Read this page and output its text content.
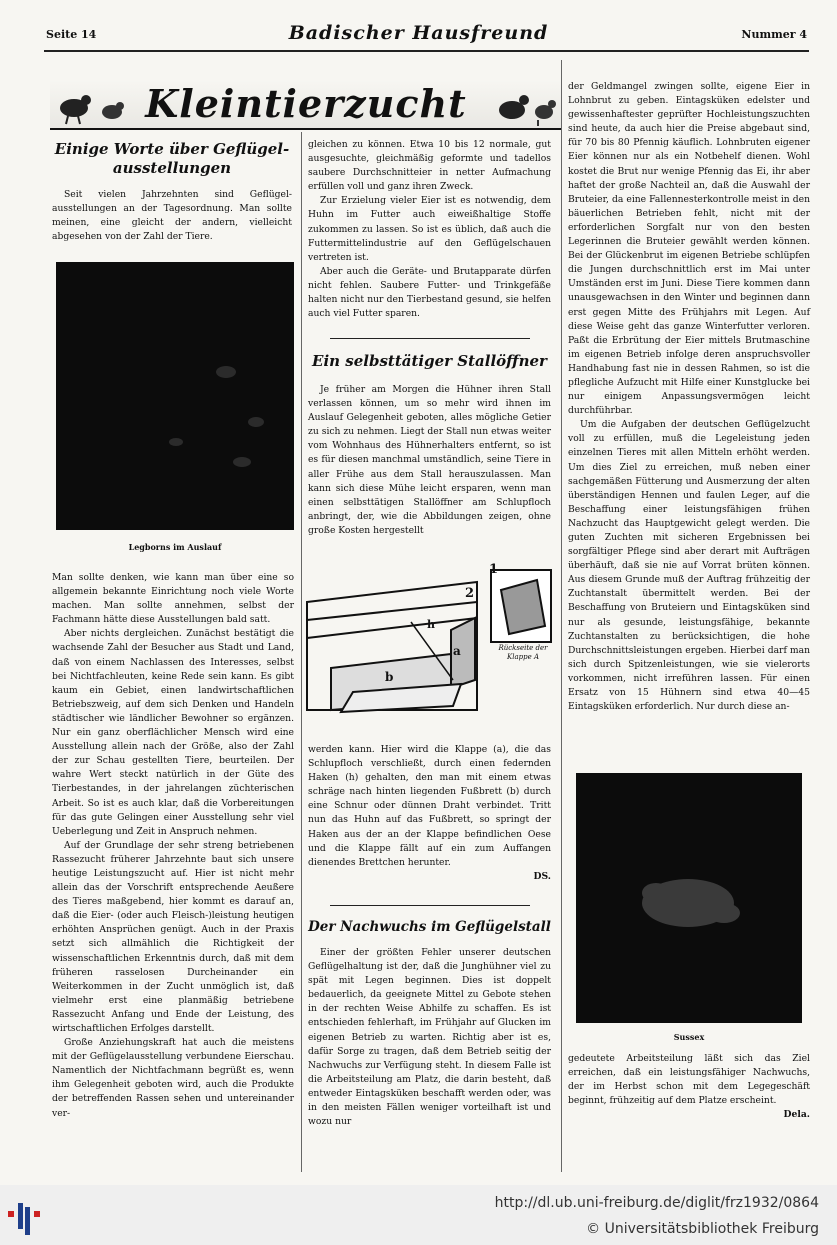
Seite 14	Badischer Hausfreund	Nummer 4
Kleintierzucht
Einige Worte über Geflügel-ausstellungen

Seit vielen Jahrzehnten sind Geflügel-ausstellungen an der Tagesordnung. Man sollte meinen, eine gleicht der andern, vielleicht abgesehen von der Zahl der Tiere.

Legborns im Auslauf

Man sollte denken, wie kann man über eine so allgemein bekannte Einrichtung noch viele Worte machen. Man sollte annehmen, selbst der Fachmann hätte diese Ausstellungen bald satt.

Aber nichts dergleichen. Zunächst bestätigt die wachsende Zahl der Besucher aus Stadt und Land, daß von einem Nachlassen des Interesses, selbst bei Nichtfachleuten, keine Rede sein kann. Es gibt kaum ein Gebiet, einen landwirtschaftlichen Betriebszweig, auf dem sich Denken und Handeln städtischer wie ländlicher Bewohner so ergänzen. Nur ein ganz oberflächlicher Mensch wird eine Ausstellung allein nach der Größe, also der Zahl der zur Schau gestellten Tiere, beurteilen. Der wahre Wert steckt natürlich in der Güte des Tierbestandes, in der jahrelangen züchterischen Arbeit. So ist es auch klar, daß die Vorbereitungen für das gute Gelingen einer Ausstellung sehr viel Ueberlegung und Zeit in Anspruch nehmen.

Auf der Grundlage der sehr streng betriebenen Rassezucht früherer Jahrzehnte baut sich unsere heutige Leistungszucht auf. Hier ist nicht mehr allein das der Vorschrift entsprechende Aeußere des Tieres maßgebend, hier kommt es darauf an, daß die Eier- (oder auch Fleisch-)leistung heutigen erhöhten Ansprüchen genügt. Auch in der Praxis setzt sich allmählich die Richtigkeit der wissenschaftlichen Erkenntnis durch, daß mit dem früheren rasselosen Durcheinander ein Weiterkommen in der Zucht unmöglich ist, daß vielmehr erst eine planmäßig betriebene Rassezucht Anfang und Ende der Leistung, des wirtschaftlichen Erfolges darstellt.

Große Anziehungskraft hat auch die meistens mit der Geflügelausstellung verbundene Eierschau. Namentlich der Nichtfachmann begrüßt es, wenn ihm Gelegenheit geboten wird, auch die Produkte der betreffenden Rassen sehen und untereinander ver-

gleichen zu können. Etwa 10 bis 12 normale, gut ausgesuchte, gleichmäßig geformte und tadellos saubere Durchschnitteier in netter Aufmachung erfüllen voll und ganz ihren Zweck.

Zur Erzielung vieler Eier ist es notwendig, dem Huhn im Futter auch eiweißhaltige Stoffe zukommen zu lassen. So ist es üblich, daß auch die Futtermittelindustrie auf den Geflügelschauen vertreten ist.

Aber auch die Geräte- und Brutapparate dürfen nicht fehlen. Saubere Futter- und Trinkgefäße halten nicht nur den Tierbestand gesund, sie helfen auch viel Futter sparen.

Ein selbsttätiger Stallöffner

Je früher am Morgen die Hühner ihren Stall verlassen können, um so mehr wird ihnen im Auslauf Gelegenheit geboten, alles mögliche Getier zu sich zu nehmen. Liegt der Stall nun etwas weiter vom Wohnhaus des Hühnerhalters entfernt, so ist es für diesen manchmal umständlich, seine Tiere in aller Frühe aus dem Stall herauszulassen. Man kann sich diese Mühe leicht ersparen, wenn man einen selbsttätigen Stallöffner am Schlupfloch anbringt, der, wie die Abbildungen zeigen, ohne große Kosten hergestellt

1
2
a
b
h
Rückseite der Klappe A

werden kann. Hier wird die Klappe (a), die das Schlupfloch verschließt, durch einen federnden Haken (h) gehalten, den man mit einem etwas schräge nach hinten liegenden Fußbrett (b) durch eine Schnur oder dünnen Draht verbindet. Tritt nun das Huhn auf das Fußbrett, so springt der Haken aus der an der Klappe befindlichen Oese und die Klappe fällt auf ein zum Auffangen dienendes Brettchen herunter.

DS.
Der Nachwuchs im Geflügelstall

Einer der größten Fehler unserer deutschen Geflügelhaltung ist der, daß die Junghühner viel zu spät mit Legen beginnen. Dies ist doppelt bedauerlich, da geeignete Mittel zu Gebote stehen in der rechten Weise Abhilfe zu schaffen. Es ist entschieden fehlerhaft, im Frühjahr auf Glucken im eigenen Betrieb zu warten. Richtig aber ist es, dafür Sorge zu tragen, daß dem Betrieb seitig der Nachwuchs zur Verfügung steht. In diesem Falle ist die Arbeitsteilung am Platz, die darin besteht, daß entweder Eintagsküken beschafft werden oder, was in den meisten Fällen weniger vorteilhaft ist und wozu nur

der Geldmangel zwingen sollte, eigene Eier in Lohnbrut zu geben. Eintagsküken edelster und gewissenhaftester geprüfter Hochleistungszuchten sind heute, da auch hier die Preise abgebaut sind, für 70 bis 80 Pfennig käuflich. Lohnbruten eigener Eier können nur als ein Notbehelf dienen. Wohl kostet die Brut nur wenige Pfennig das Ei, ihr aber haftet der große Nachteil an, daß die Auswahl der Bruteier, da eine Fallennesterkontrolle meist in den bäuerlichen Betrieben fehlt, nicht mit der erforderlichen Sorgfalt nur von den besten Legerinnen die Bruteier gewählt werden können. Bei der Glückenbrut im eigenen Betriebe schlüpfen die Jungen durchschnittlich erst im Mai unter Umständen erst im Juni. Diese Tiere kommen dann unausgewachsen in den Winter und beginnen dann erst gegen Mitte des Frühjahrs mit Legen. Auf diese Weise geht das ganze Winterfutter verloren. Paßt die Erbrütung der Eier mittels Brutmaschine im eigenen Betrieb infolge deren anspruchsvoller Handhabung fast nie in dessen Rahmen, so ist die pflegliche Aufzucht mit Hilfe einer Kunstglucke bei nur einigem Anpassungsvermögen leicht durchführbar.

Um die Aufgaben der deutschen Geflügelzucht voll zu erfüllen, muß die Legeleistung jeden einzelnen Tieres mit allen Mitteln erhöht werden. Um dies Ziel zu erreichen, muß neben einer sachgemäßen Fütterung und Ausmerzung der alten überständigen Hennen und faulen Leger, auf die Beschaffung einer leistungsfähigen frühen Nachzucht das Hauptgewicht gelegt werden. Die guten Zuchten mit sicheren Ergebnissen bei sorgfältiger Pflege sind aber derart mit Aufträgen überhäuft, daß sie nie auf Vorrat brüten können. Aus diesem Grunde muß der Auftrag frühzeitig der Zuchtanstalt übermittelt werden. Bei der Beschaffung von Bruteiern und Eintagsküken sind nur als gesunde, leistungsfähige, bekannte Zuchtanstalten zu berücksichtigen, die hohe Durchschnittsleistungen ergeben. Hierbei darf man sich durch Spitzenleistungen, wie sie vielerorts vorkommen, nicht irreführen lassen. Für einen Ersatz von 15 Hühnern sind etwa 40—45 Eintagsküken erforderlich. Nur durch diese an-

Sussex

gedeutete Arbeitsteilung läßt sich das Ziel erreichen, daß ein leistungsfähiger Nachwuchs, der im Herbst schon mit dem Legegeschäft beginnt, frühzeitig auf dem Platze erscheint.

Dela.
http://dl.ub.uni-freiburg.de/diglit/frz1932/0864
© Universitätsbibliothek Freiburg
